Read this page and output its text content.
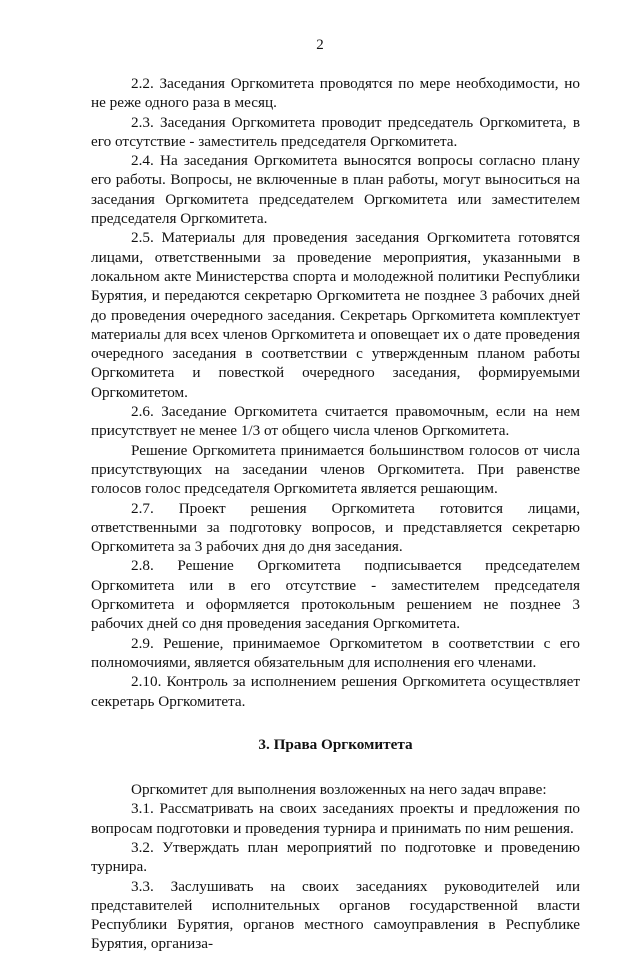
2

2.2. Заседания Оргкомитета проводятся по мере необходимости, но не реже одного раза в месяц.

2.3. Заседания Оргкомитета проводит председатель Оргкомитета, в его отсутствие - заместитель председателя Оргкомитета.

2.4. На заседания Оргкомитета выносятся вопросы согласно плану его работы. Вопросы, не включенные в план работы, могут выноситься на заседания Оргкомитета председателем Оргкомитета или заместителем председателя Оргкомитета.

2.5. Материалы для проведения заседания Оргкомитета готовятся лицами, ответственными за проведение мероприятия, указанными в локальном акте Министерства спорта и молодежной политики Республики Бурятия, и передаются секретарю Оргкомитета не позднее 3 рабочих дней до проведения очередного заседания. Секретарь Оргкомитета комплектует материалы для всех членов Оргкомитета и оповещает их о дате проведения очередного заседания в соответствии с утвержденным планом работы Оргкомитета и повесткой очередного заседания, формируемыми Оргкомитетом.

2.6. Заседание Оргкомитета считается правомочным, если на нем присутствует не менее 1/3 от общего числа членов Оргкомитета.

Решение Оргкомитета принимается большинством голосов от числа присутствующих на заседании членов Оргкомитета. При равенстве голосов голос председателя Оргкомитета является решающим.

2.7. Проект решения Оргкомитета готовится лицами, ответственными за подготовку вопросов, и представляется секретарю Оргкомитета за 3 рабочих дня до дня заседания.

2.8. Решение Оргкомитета подписывается председателем Оргкомитета или в его отсутствие - заместителем председателя Оргкомитета и оформляется протокольным решением не позднее 3 рабочих дней со дня проведения заседания Оргкомитета.

2.9. Решение, принимаемое Оргкомитетом в соответствии с его полномочиями, является обязательным для исполнения его членами.

2.10. Контроль за исполнением решения Оргкомитета осуществляет секретарь Оргкомитета.

3. Права Оргкомитета

Оргкомитет для выполнения возложенных на него задач вправе:

3.1. Рассматривать на своих заседаниях проекты и предложения по вопросам подготовки и проведения турнира и принимать по ним решения.

3.2. Утверждать план мероприятий по подготовке и проведению турнира.

3.3. Заслушивать на своих заседаниях руководителей или представителей исполнительных органов государственной власти Республики Бурятия, органов местного самоуправления в Республике Бурятия, организа-
